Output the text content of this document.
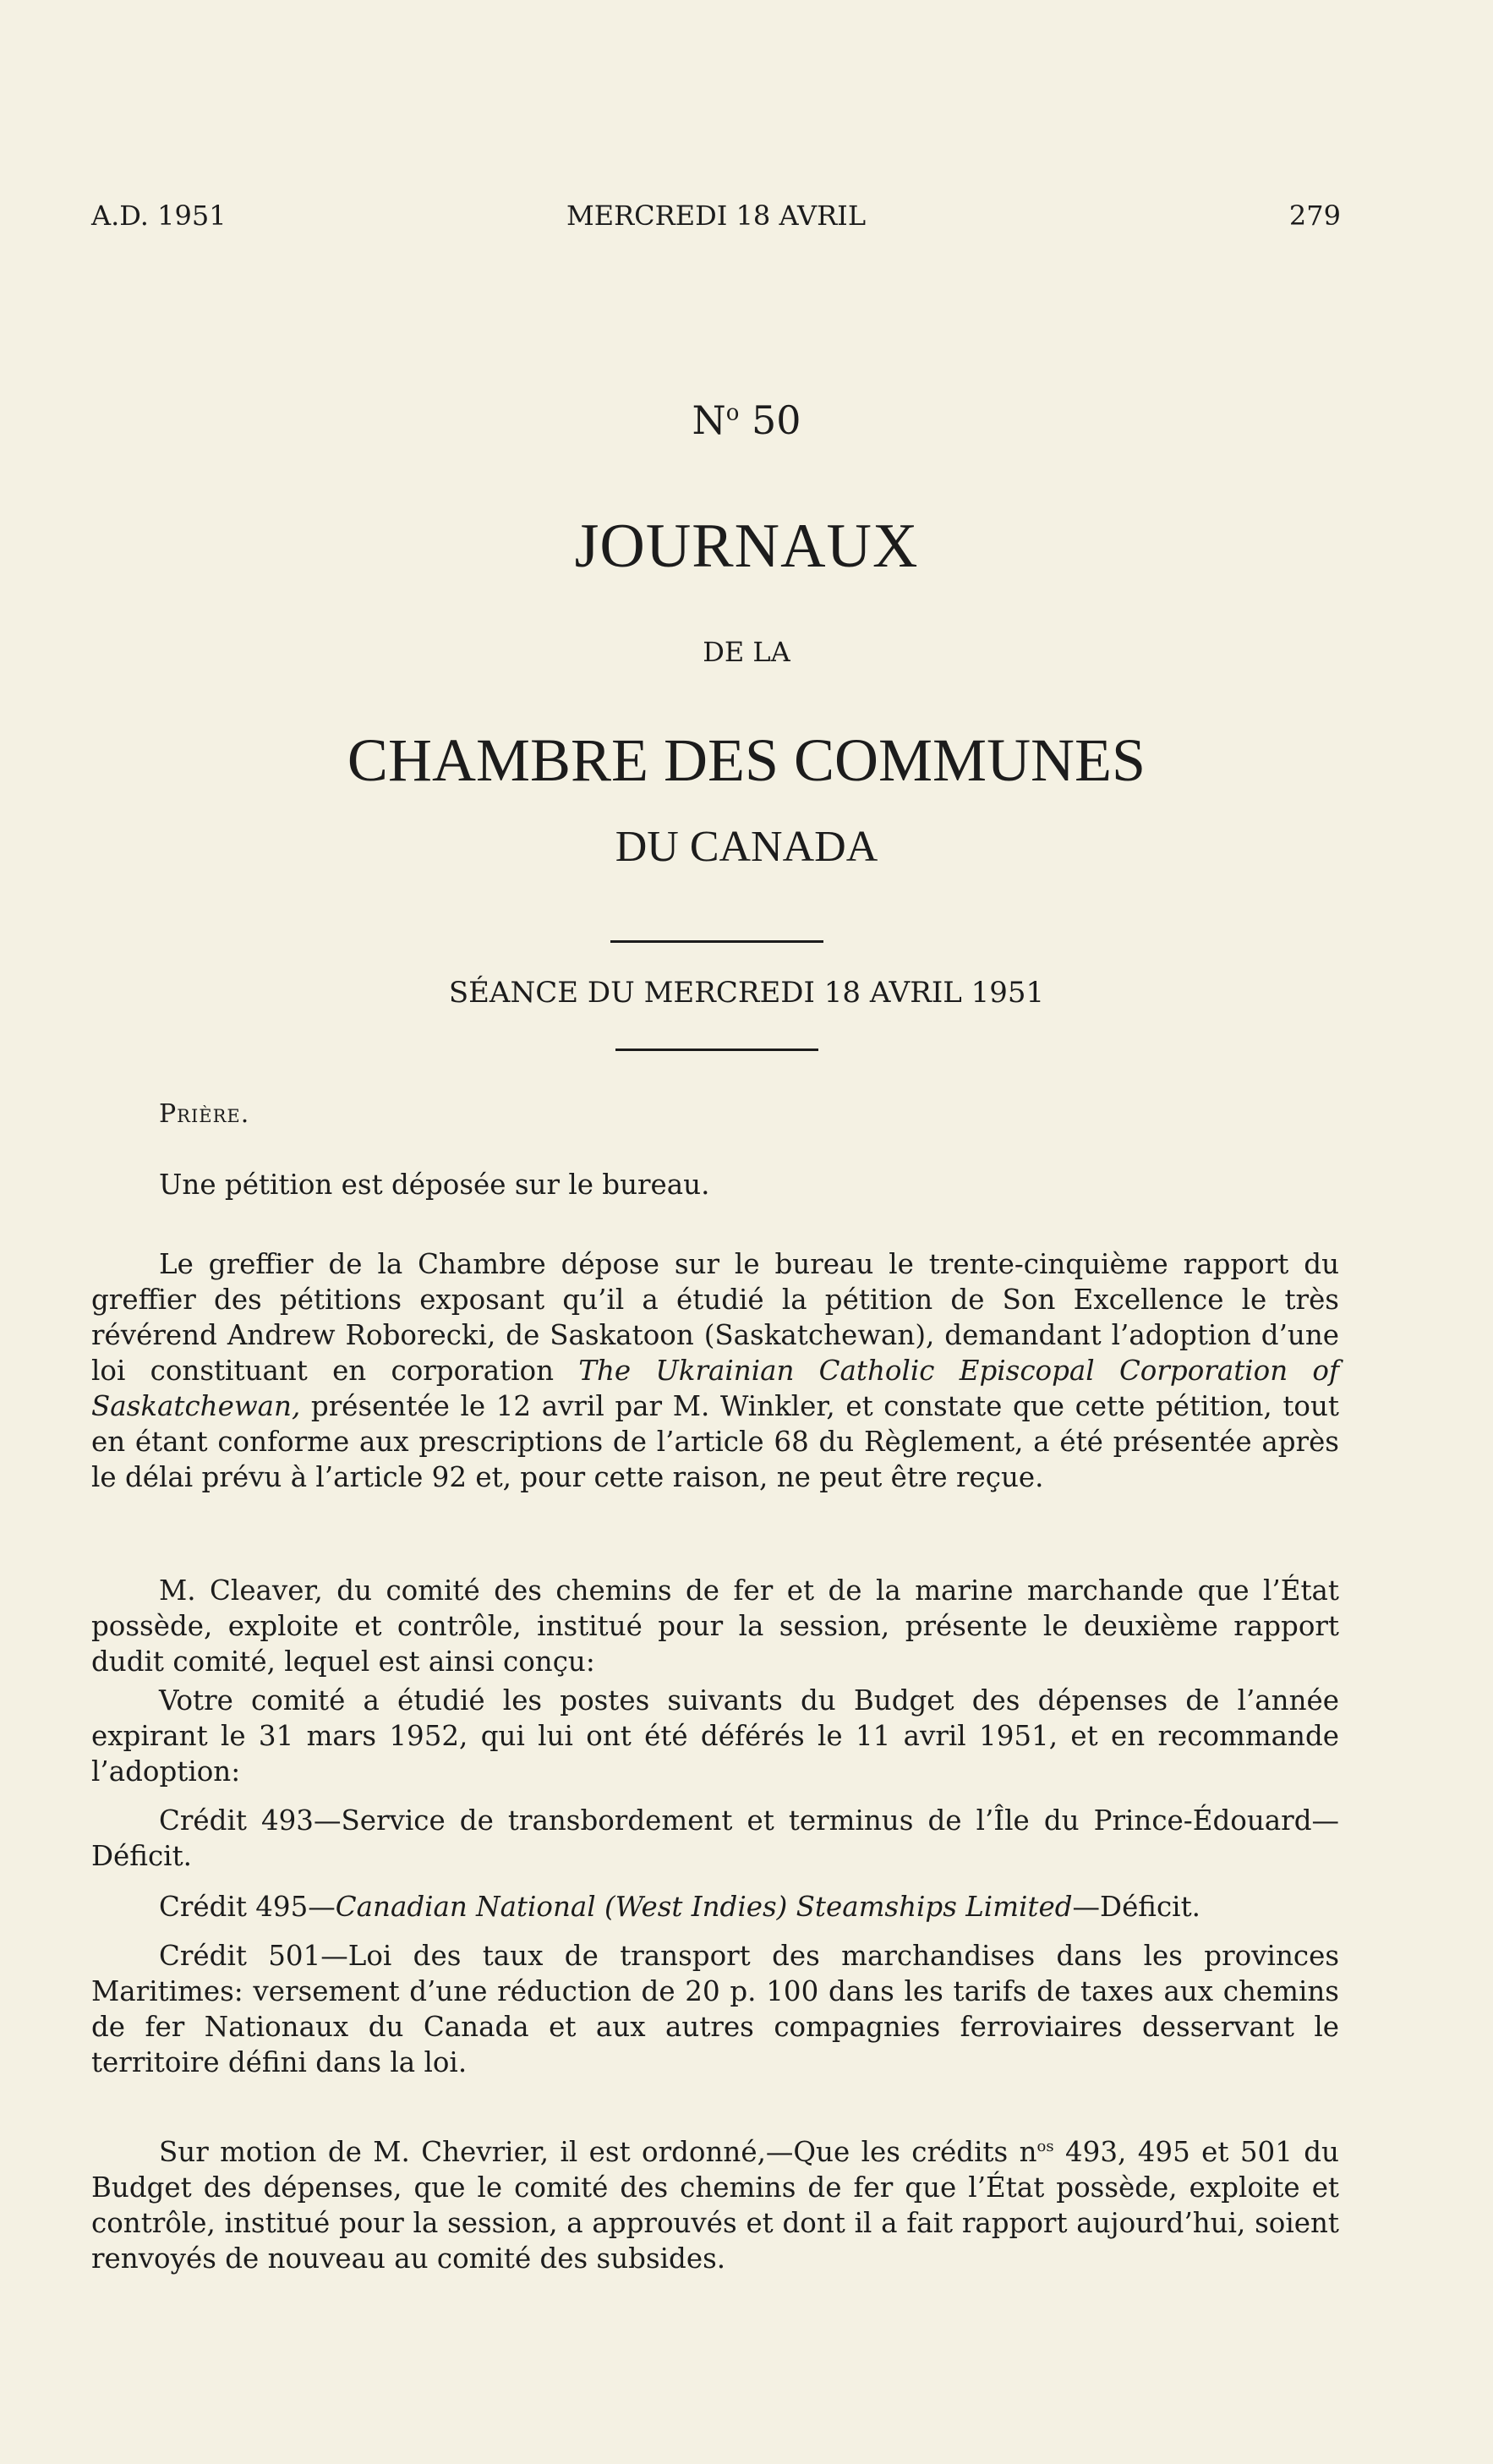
A.D. 1951	MERCREDI 18 AVRIL	279
$N^o$ 50
JOURNAUX
DE LA
CHAMBRE DES COMMUNES
DU CANADA
SÉANCE DU MERCREDI 18 AVRIL 1951
Prière.

Une pétition est déposée sur le bureau.

Le greffier de la Chambre dépose sur le bureau le trente-cinquième rapport du greffier des pétitions exposant qu’il a étudié la pétition de Son Excellence le très révérend Andrew Roborecki, de Saskatoon (Saskatchewan), demandant l’adoption d’une loi constituant en corporation The Ukrainian Catholic Episcopal Corporation of Saskatchewan, présentée le 12 avril par M. Winkler, et constate que cette pétition, tout en étant conforme aux prescriptions de l’article 68 du Règlement, a été présentée après le délai prévu à l’article 92 et, pour cette raison, ne peut être reçue.

M. Cleaver, du comité des chemins de fer et de la marine marchande que l’État possède, exploite et contrôle, institué pour la session, présente le deuxième rapport dudit comité, lequel est ainsi conçu:

Votre comité a étudié les postes suivants du Budget des dépenses de l’année expirant le 31 mars 1952, qui lui ont été déférés le 11 avril 1951, et en recommande l’adoption:

Crédit 493—Service de transbordement et terminus de l’Île du Prince-Édouard—Déficit.

Crédit 495—Canadian National (West Indies) Steamships Limited—Déficit.

Crédit 501—Loi des taux de transport des marchandises dans les provinces Maritimes: versement d’une réduction de 20 p. 100 dans les tarifs de taxes aux chemins de fer Nationaux du Canada et aux autres compagnies ferroviaires desservant le territoire défini dans la loi.

Sur motion de M. Chevrier, il est ordonné,—Que les crédits $n^{os}$ 493, 495 et 501 du Budget des dépenses, que le comité des chemins de fer que l’État possède, exploite et contrôle, institué pour la session, a approuvés et dont il a fait rapport aujourd’hui, soient renvoyés de nouveau au comité des subsides.
